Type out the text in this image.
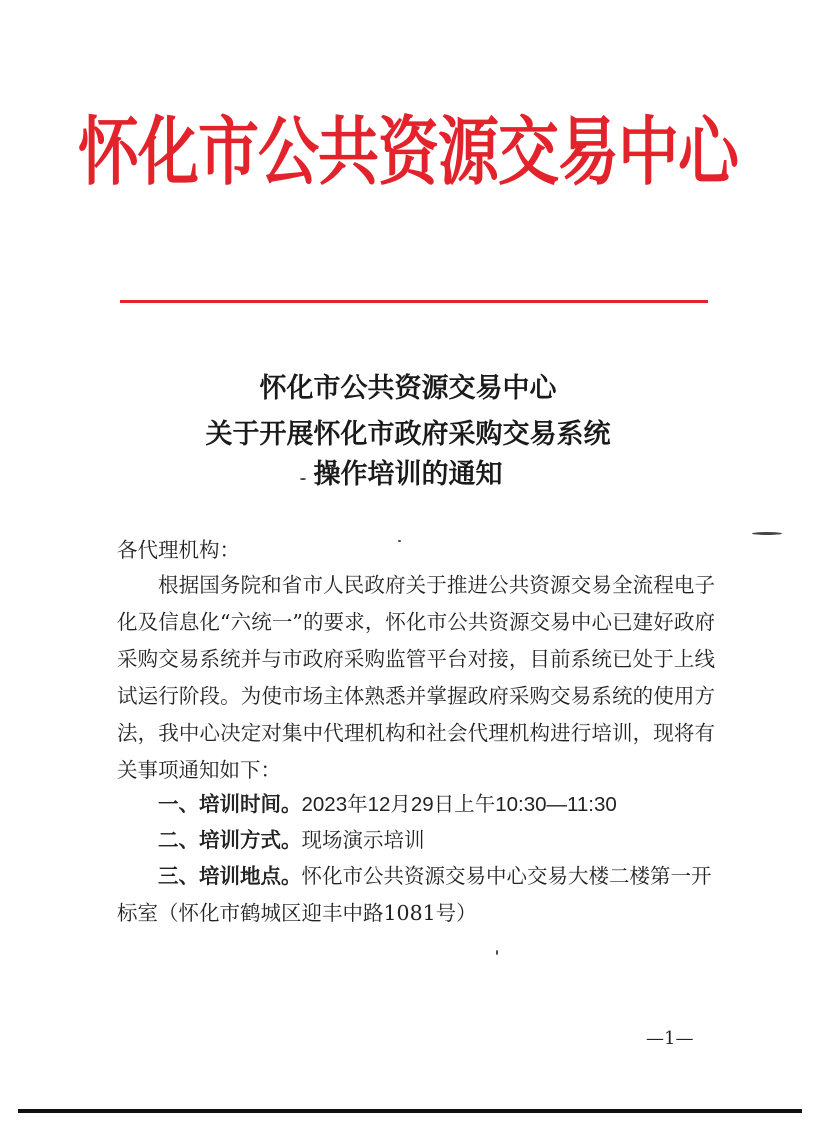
怀化市公共资源交易中心
怀化市公共资源交易中心
关于开展怀化市政府采购交易系统
操作培训的通知
各代理机构：
根据国务院和省市人民政府关于推进公共资源交易全流程电子化及信息化“六统一”的要求，怀化市公共资源交易中心已建好政府采购交易系统并与市政府采购监管平台对接，目前系统已处于上线试运行阶段。为使市场主体熟悉并掌握政府采购交易系统的使用方法，我中心决定对集中代理机构和社会代理机构进行培训，现将有关事项通知如下：
一、培训时间。2023年12月29日上午10:30—11:30
二、培训方式。现场演示培训
三、培训地点。怀化市公共资源交易中心交易大楼二楼第一开标室（怀化市鹤城区迎丰中路1081号）
—1—
